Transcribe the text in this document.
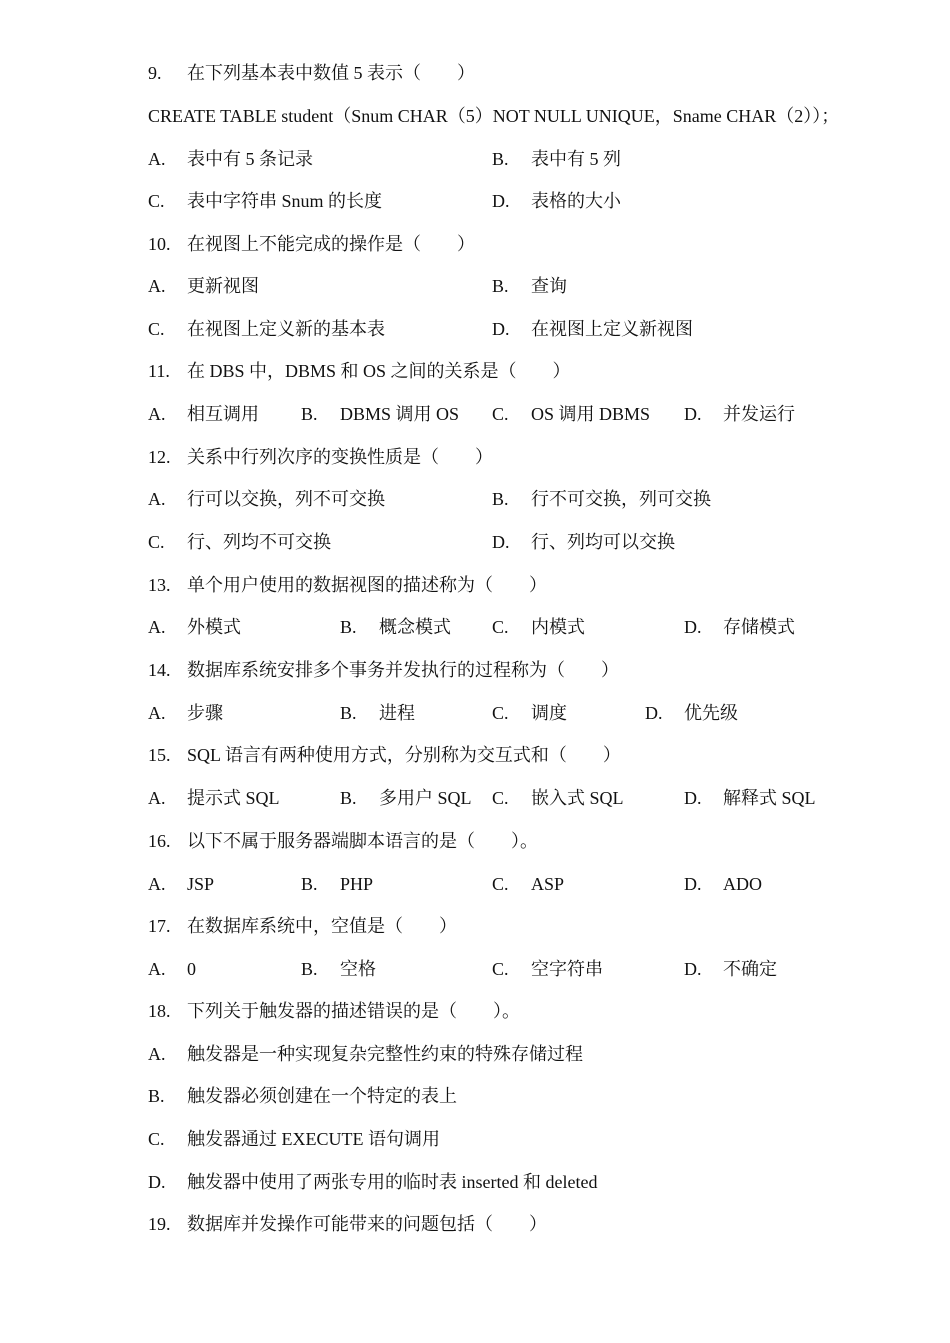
9. 在下列基本表中数值 5 表示（　　）
CREATE TABLE student（Snum CHAR（5）NOT NULL UNIQUE，Sname CHAR（2））；
A. 表中有 5 条记录	B. 表中有 5 列
C. 表中字符串 Snum 的长度	D. 表格的大小
10. 在视图上不能完成的操作是（　　）
A. 更新视图	B. 查询
C. 在视图上定义新的基本表	D. 在视图上定义新视图
11. 在 DBS 中，DBMS 和 OS 之间的关系是（　　）
A. 相互调用 B. DBMS 调用 OS C. OS 调用 DBMS D. 并发运行
12. 关系中行列次序的变换性质是（　　）
A. 行可以交换，列不可交换	B. 行不可交换，列可交换
C. 行、列均不可交换	D. 行、列均可以交换
13. 单个用户使用的数据视图的描述称为（　　）
A. 外模式	B. 概念模式 C. 内模式	D. 存储模式
14. 数据库系统安排多个事务并发执行的过程称为（　　）
A. 步骤	B. 进程	C. 调度	D. 优先级
15. SQL 语言有两种使用方式，分别称为交互式和（　　）
A. 提示式 SQL	B. 多用户 SQL C. 嵌入式 SQL	D. 解释式 SQL
16. 以下不属于服务器端脚本语言的是（　　）。
A. JSP	B. PHP	C. ASP	D. ADO
17. 在数据库系统中，空值是（　　）
A. 0	B. 空格	C. 空字符串	D. 不确定
18. 下列关于触发器的描述错误的是（　　）。
A. 触发器是一种实现复杂完整性约束的特殊存储过程
B. 触发器必须创建在一个特定的表上
C. 触发器通过 EXECUTE 语句调用
D. 触发器中使用了两张专用的临时表 inserted 和 deleted
19. 数据库并发操作可能带来的问题包括（　　）
